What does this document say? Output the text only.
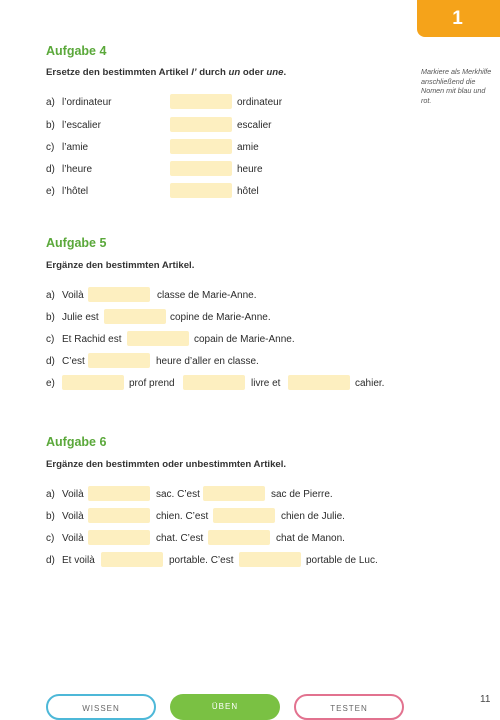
1
Markiere als Merkhilfe anschließend die Nomen mit blau und rot.
Aufgabe 4
Ersetze den bestimmten Artikel l’ durch un oder une.
a) l’ordinateur	ordinateur
b) l’escalier	escalier
c) l’amie	amie
d) l’heure	heure
e) l’hôtel	hôtel
Aufgabe 5
Ergänze den bestimmten Artikel.
a) Voilà	classe de Marie-Anne.
b) Julie est	copine de Marie-Anne.
c) Et Rachid est	copain de Marie-Anne.
d) C’est	heure d’aller en classe.
e)	prof prend	livre et	cahier.
Aufgabe 6
Ergänze den bestimmten oder unbestimmten Artikel.
a) Voilà	sac. C’est	sac de Pierre.
b) Voilà	chien. C’est	chien de Julie.
c) Voilà	chat. C’est	chat de Manon.
d) Et voilà	portable. C’est	portable de Luc.
WISSEN	ÜBEN	TESTEN
11
